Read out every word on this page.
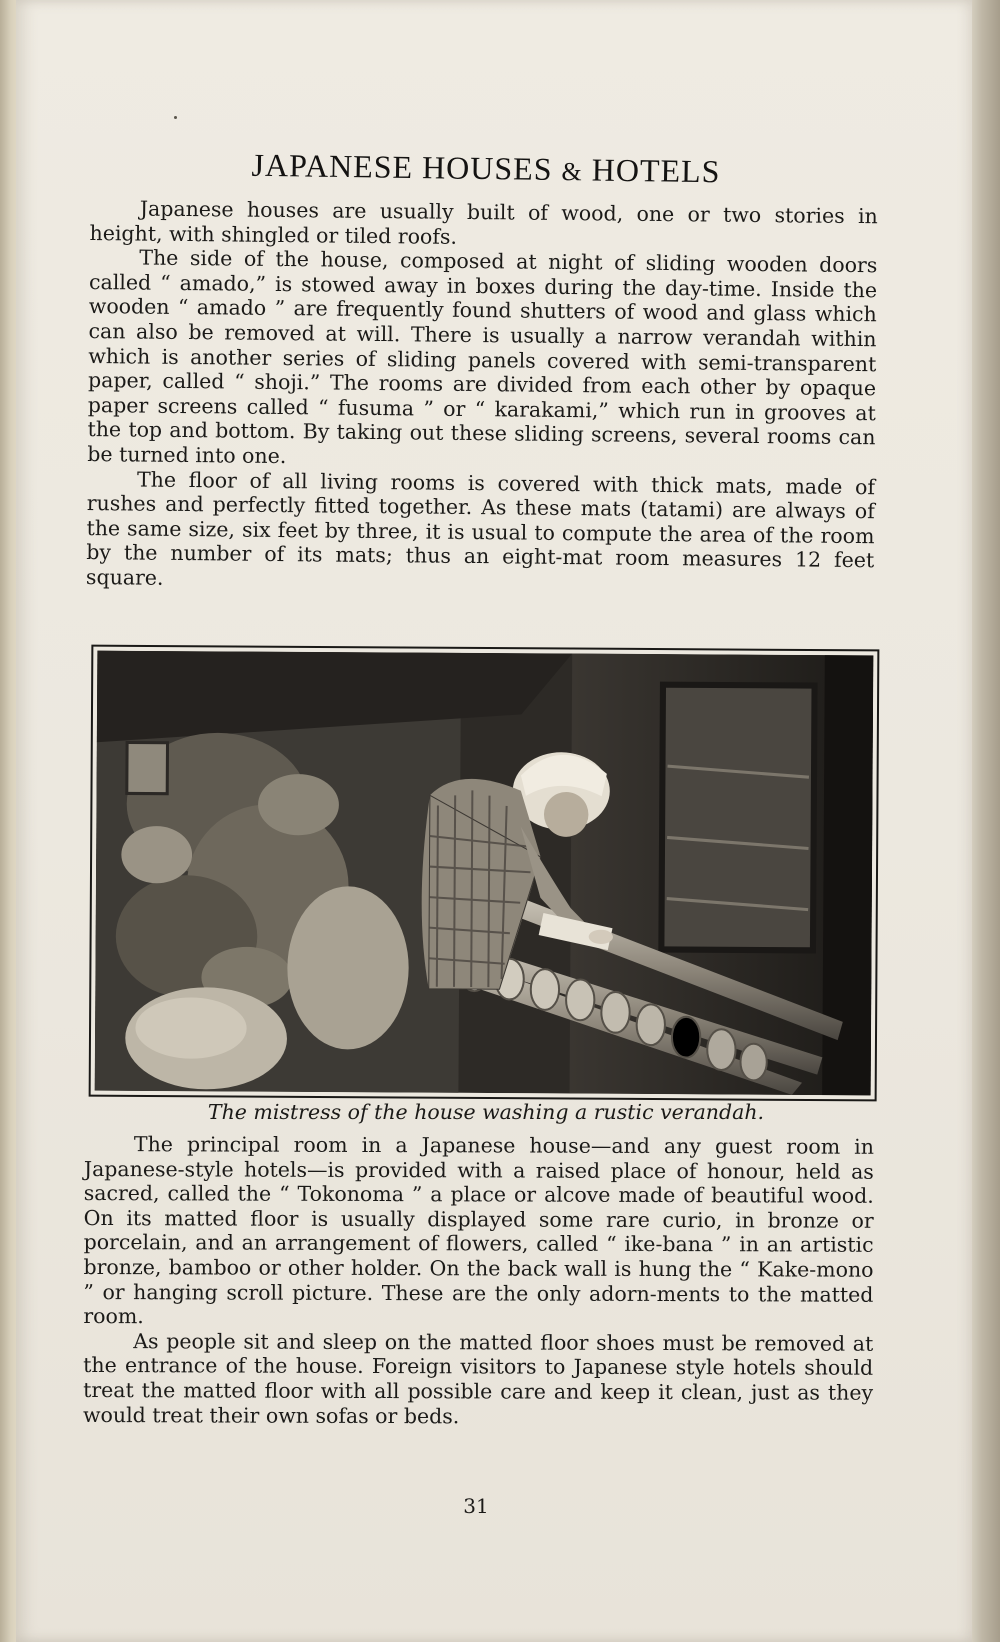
JAPANESE HOUSES & HOTELS

Japanese houses are usually built of wood, one or two stories in height, with shingled or tiled roofs.

The side of the house, composed at night of sliding wooden doors called “ amado,” is stowed away in boxes during the day-time. Inside the wooden “ amado ” are frequently found shutters of wood and glass which can also be removed at will. There is usually a narrow verandah within which is another series of sliding panels covered with semi-transparent paper, called “ shoji.” The rooms are divided from each other by opaque paper screens called “ fusuma ” or “ karakami,” which run in grooves at the top and bottom. By taking out these sliding screens, several rooms can be turned into one.

The floor of all living rooms is covered with thick mats, made of rushes and perfectly fitted together. As these mats (tatami) are always of the same size, six feet by three, it is usual to compute the area of the room by the number of its mats; thus an eight-mat room measures 12 feet square.

The mistress of the house washing a rustic verandah.

The principal room in a Japanese house—and any guest room in Japanese-style hotels—is provided with a raised place of honour, held as sacred, called the “ Tokonoma ” a place or alcove made of beautiful wood. On its matted floor is usually displayed some rare curio, in bronze or porcelain, and an arrangement of flowers, called “ ike-bana ” in an artistic bronze, bamboo or other holder. On the back wall is hung the “ Kake-mono ” or hanging scroll picture. These are the only adorn-ments to the matted room.

As people sit and sleep on the matted floor shoes must be removed at the entrance of the house. Foreign visitors to Japanese style hotels should treat the matted floor with all possible care and keep it clean, just as they would treat their own sofas or beds.

31
